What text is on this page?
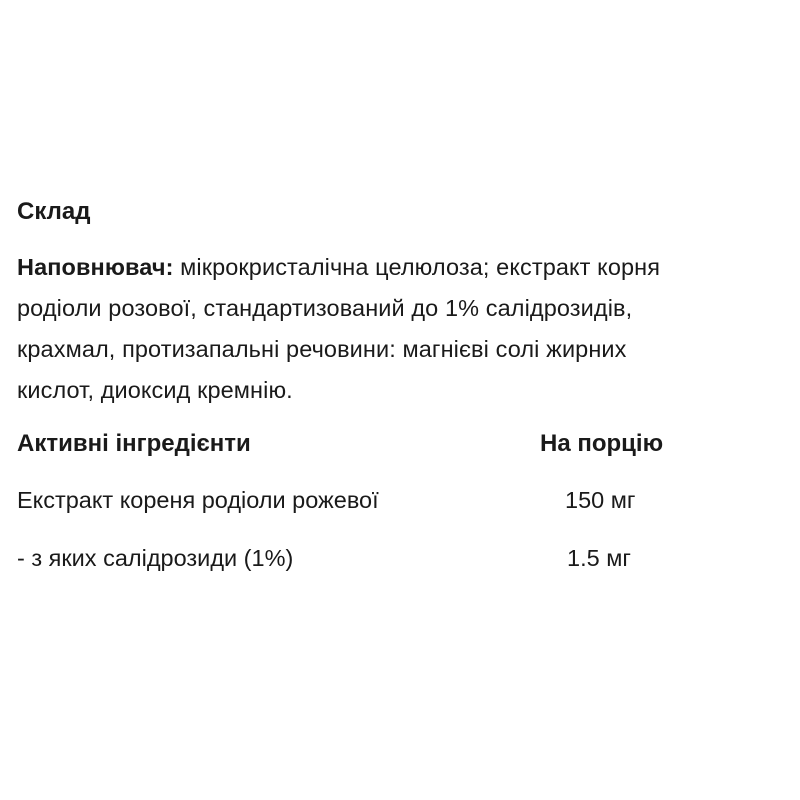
Склад

Наповнювач: мікрокристалічна целюлоза; екстракт корня
родіоли розової, стандартизований до 1% салідрозидів,
крахмал, протизапальні речовини: магнієві солі жирних
кислот, диоксид кремнію.

Активні інгредієнти	На порцію
Екстракт кореня родіоли рожевої	150 мг
- з яких салідрозиди (1%)	1.5 мг
